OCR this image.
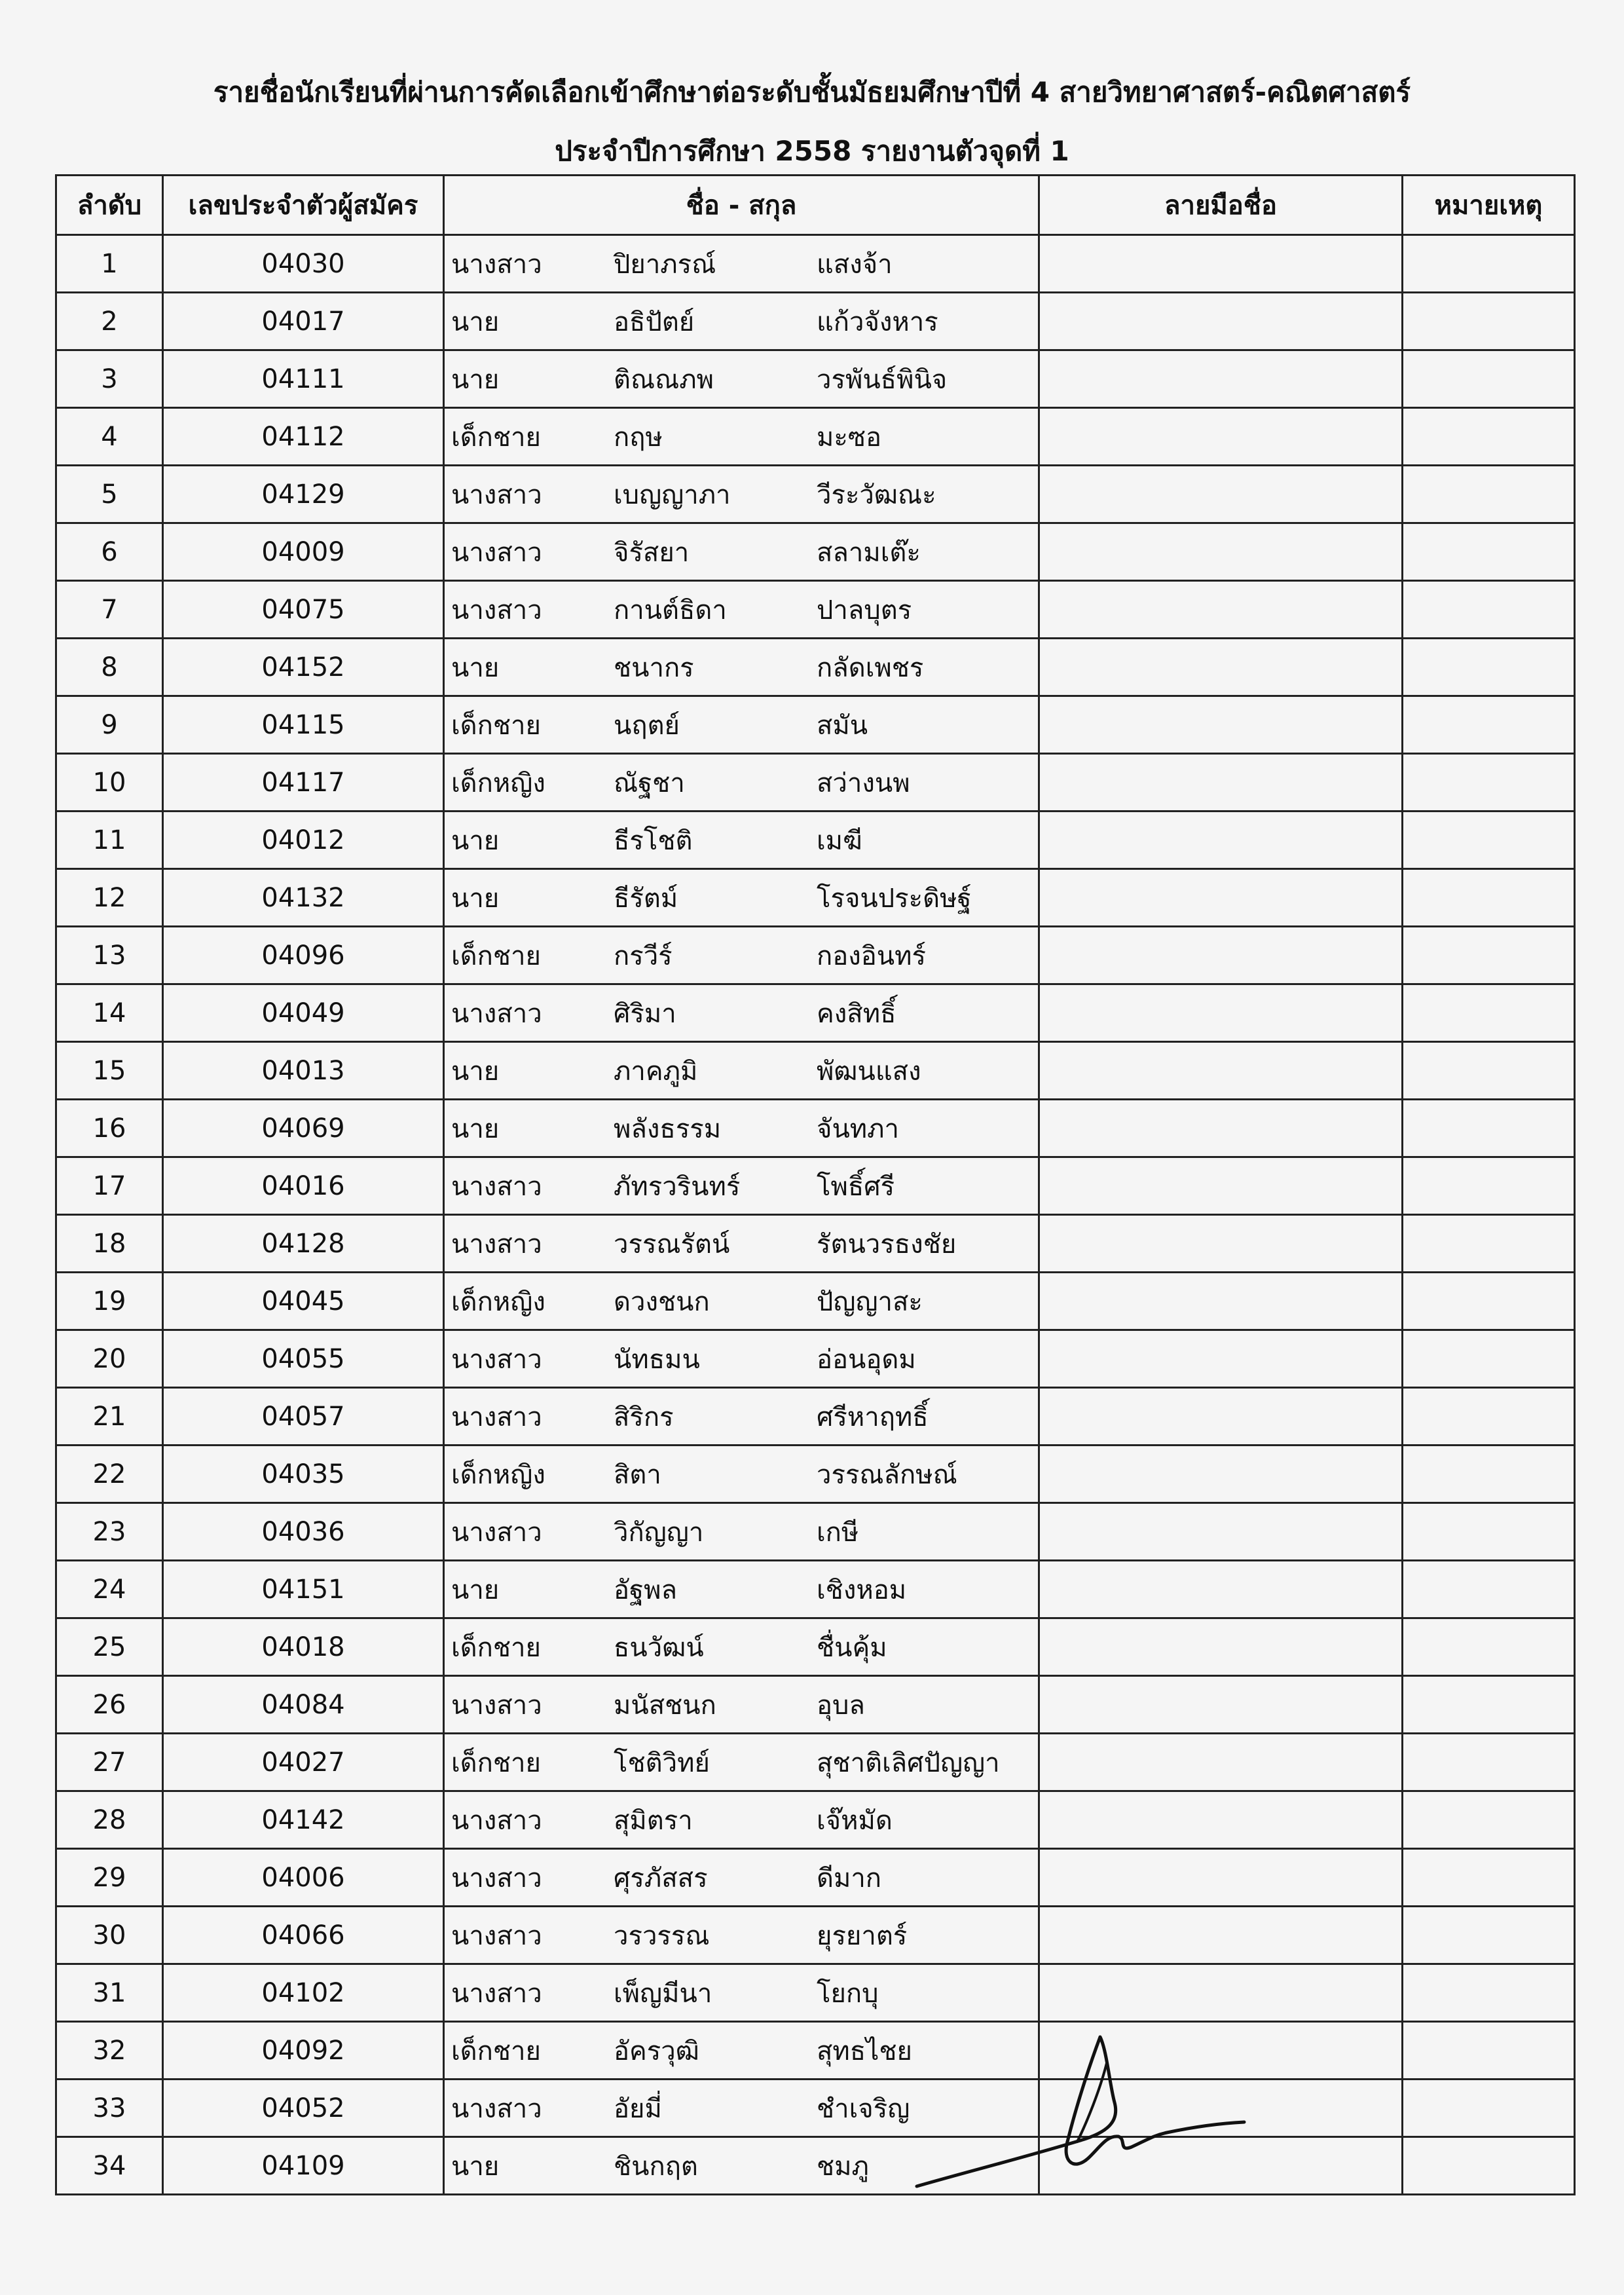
รายชื่อนักเรียนที่ผ่านการคัดเลือกเข้าศึกษาต่อระดับชั้นมัธยมศึกษาปีที่ 4 สายวิทยาศาสตร์-คณิตศาสตร์
ประจำปีการศึกษา 2558 รายงานตัวจุดที่ 1
ลำดับ	เลขประจำตัวผู้สมัคร	ชื่อ - สกุล	ลายมือชื่อ	หมายเหตุ
1	04030	นางสาว ปิยาภรณ์ แสงจ้า		

2	04017	นาย อธิปัตย์ แก้วจังหาร		

3	04111	นาย ติณณภพ วรพันธ์พินิจ		

4	04112	เด็กชาย กฤษ มะซอ		

5	04129	นางสาว เบญญาภา วีระวัฒณะ		

6	04009	นางสาว จิรัสยา สลามเต๊ะ		

7	04075	นางสาว กานต์ธิดา ปาลบุตร		

8	04152	นาย ชนากร กลัดเพชร		

9	04115	เด็กชาย นฤตย์ สมัน		

10	04117	เด็กหญิง ณัฐชา สว่างนพ		

11	04012	นาย ธีรโชติ เมฆี		

12	04132	นาย ธีรัตม์ โรจนประดิษฐ์		

13	04096	เด็กชาย กรวีร์ กองอินทร์		

14	04049	นางสาว ศิริมา คงสิทธิ์		

15	04013	นาย ภาคภูมิ พัฒนแสง		

16	04069	นาย พลังธรรม จันทภา		

17	04016	นางสาว ภัทรวรินทร์ โพธิ์ศรี		

18	04128	นางสาว วรรณรัตน์ รัตนวรธงชัย		

19	04045	เด็กหญิง ดวงชนก ปัญญาสะ		

20	04055	นางสาว นัทธมน อ่อนอุดม		

21	04057	นางสาว สิริกร ศรีหาฤทธิ์		

22	04035	เด็กหญิง สิตา วรรณลักษณ์		

23	04036	นางสาว วิกัญญา เกษี		

24	04151	นาย อัฐพล เชิงหอม		

25	04018	เด็กชาย ธนวัฒน์ ชื่นคุ้ม		

26	04084	นางสาว มนัสชนก อุบล		

27	04027	เด็กชาย โชติวิทย์ สุชาติเลิศปัญญา		

28	04142	นางสาว สุมิตรา เจ๊หมัด		

29	04006	นางสาว ศุรภัสสร ดีมาก		

30	04066	นางสาว วรวรรณ ยุรยาตร์		

31	04102	นางสาว เพ็ญมีนา โยกบุ		

32	04092	เด็กชาย อัครวุฒิ สุทธไชย		

33	04052	นางสาว อัยมี่ ชำเจริญ		

34	04109	นาย ชินกฤต ชมภู		
